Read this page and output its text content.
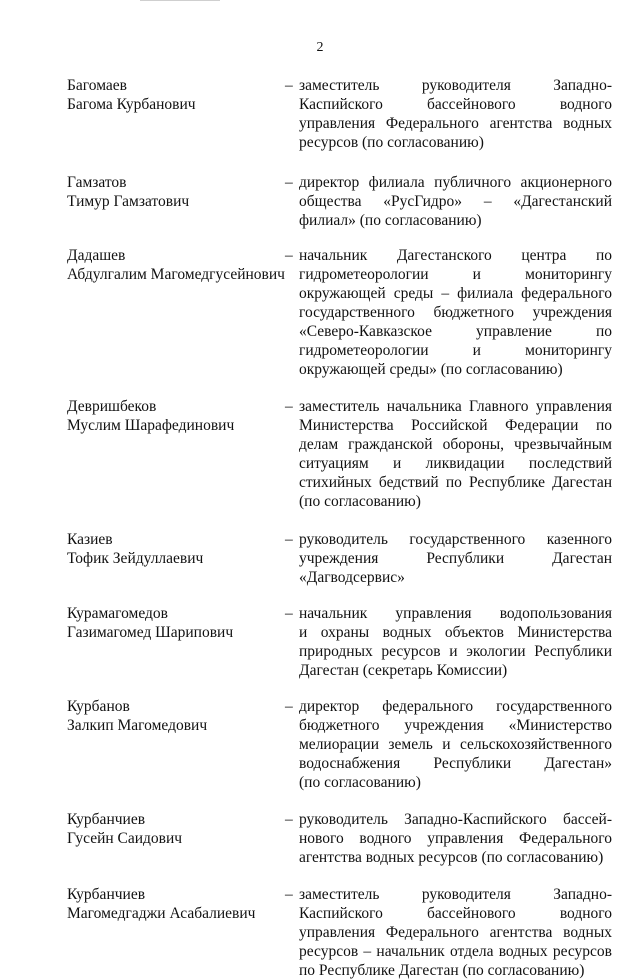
2
Багомаев
Багома Курбанович
– заместитель руководителя Западно-
Каспийского бассейнового водного
управления Федерального агентства водных
ресурсов (по согласованию)
Гамзатов
Тимур Гамзатович
– директор филиала публичного акционерного
общества «РусГидро» – «Дагестанский
филиал» (по согласованию)
Дадашев
Абдулгалим Магомедгусейнович
– начальник Дагестанского центра по
гидрометеорологии и мониторингу
окружающей среды – филиала федерального
государственного бюджетного учреждения
«Северо-Кавказское управление по
гидрометеорологии и мониторингу
окружающей среды» (по согласованию)
Девришбеков
Муслим Шарафединович
– заместитель начальника Главного управления
Министерства Российской Федерации по
делам гражданской обороны, чрезвычайным
ситуациям и ликвидации последствий
стихийных бедствий по Республике Дагестан
(по согласованию)
Казиев
Тофик Зейдуллаевич
– руководитель государственного казенного
учреждения Республики Дагестан
«Дагводсервис»
Курамагомедов
Газимагомед Шарипович
– начальник управления водопользования
и охраны водных объектов Министерства
природных ресурсов и экологии Республики
Дагестан (секретарь Комиссии)
Курбанов
Залкип Магомедович
– директор федерального государственного
бюджетного учреждения «Министерство
мелиорации земель и сельскохозяйственного
водоснабжения Республики Дагестан»
(по согласованию)
Курбанчиев
Гусейн Саидович
– руководитель Западно-Каспийского бассей-
нового водного управления Федерального
агентства водных ресурсов (по согласованию)
Курбанчиев
Магомедгаджи Асабалиевич
– заместитель руководителя Западно-
Каспийского бассейнового водного
управления Федерального агентства водных
ресурсов – начальник отдела водных ресурсов
по Республике Дагестан (по согласованию)
